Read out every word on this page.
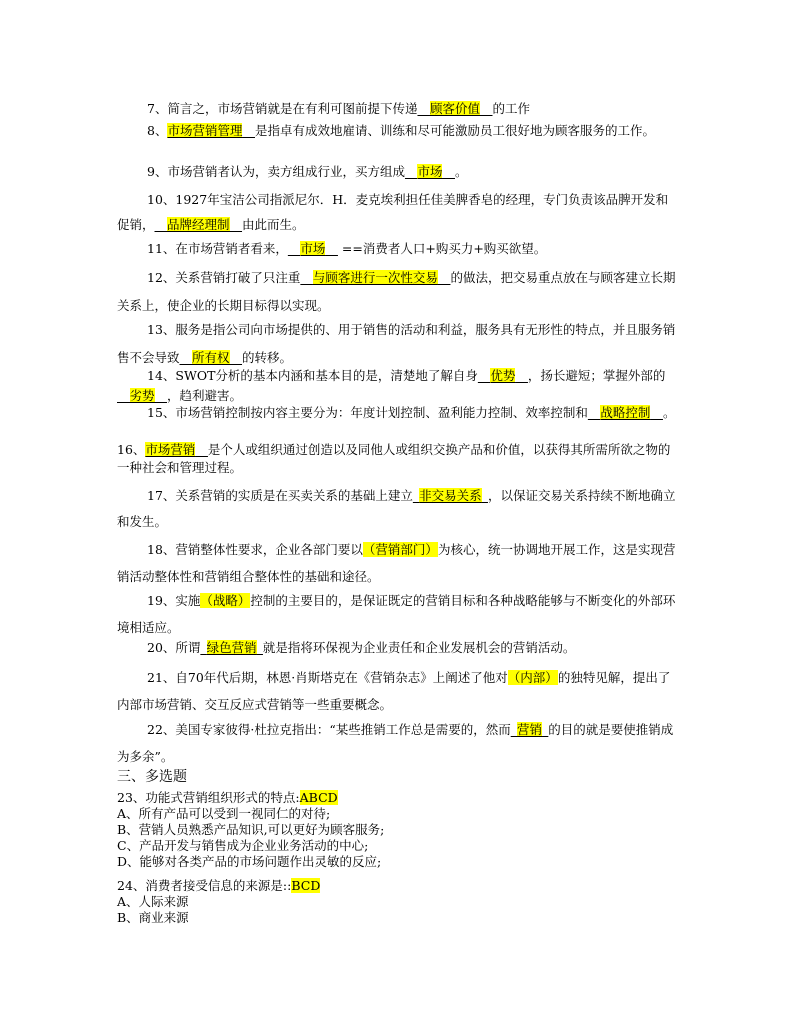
7、简言之，市场营销就是在有利可图前提下传递__顾客价值__的工作

8、市场营销管理__是指卓有成效地雇请、训练和尽可能激励员工很好地为顾客服务的工作。

9、市场营销者认为，卖方组成行业，买方组成__市场__。

10、1927年宝洁公司指派尼尔．H．麦克埃利担任佳美脾香皂的经理，专门负责该品脾开发和促销，__品牌经理制__由此而生。

11、在市场营销者看来，__市场__ ==消费者人口+购买力+购买欲望。

12、关系营销打破了只注重__与顾客进行一次性交易__的做法，把交易重点放在与顾客建立长期关系上，使企业的长期目标得以实现。

13、服务是指公司向市场提供的、用于销售的活动和利益，服务具有无形性的特点，并且服务销售不会导致__所有权__的转移。

14、SWOT分析的基本内涵和基本目的是，清楚地了解自身__优势__，扬长避短；掌握外部的__劣势__，趋利避害。

15、市场营销控制按内容主要分为：年度计划控制、盈利能力控制、效率控制和__战略控制__。

16、市场营销__是个人或组织通过创造以及同他人或组织交换产品和价值，以获得其所需所欲之物的一种社会和管理过程。

17、关系营销的实质是在买卖关系的基础上建立_非交易关系_，以保证交易关系持续不断地确立和发生。

18、营销整体性要求，企业各部门要以（营销部门）为核心，统一协调地开展工作，这是实现营销活动整体性和营销组合整体性的基础和途径。

19、实施（战略）控制的主要目的，是保证既定的营销目标和各种战略能够与不断变化的外部环境相适应。

20、所谓_绿色营销_就是指将环保视为企业责任和企业发展机会的营销活动。

21、自70年代后期，林恩·肖斯塔克在《营销杂志》上阐述了他对（内部）的独特见解，提出了内部市场营销、交互反应式营销等一些重要概念。

22、美国专家彼得·杜拉克指出：“某些推销工作总是需要的，然而_营销_的目的就是要使推销成为多余”。

三、多选题

23、功能式营销组织形式的特点:ABCD

A、所有产品可以受到一视同仁的对待;

B、营销人员熟悉产品知识,可以更好为顾客服务;

C、产品开发与销售成为企业业务活动的中心;

D、能够对各类产品的市场问题作出灵敏的反应;

24、消费者接受信息的来源是::BCD

A、人际来源

B、商业来源
